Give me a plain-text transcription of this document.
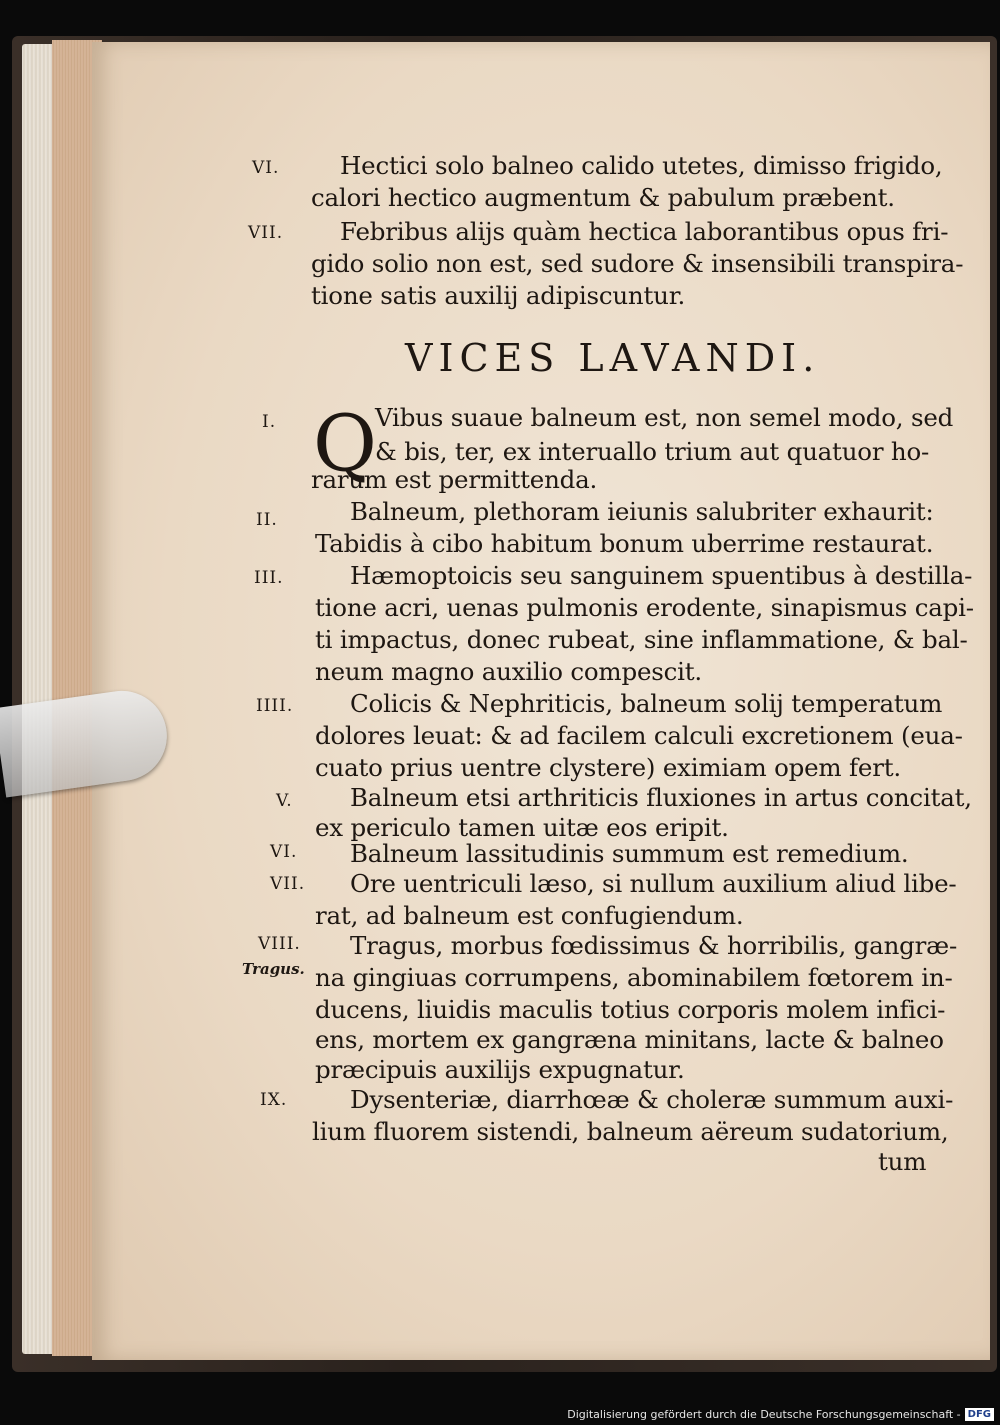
VI. Hectici solo balneo calido utetes, dimisso frigido,
calori hectico augmentum & pabulum præbent.
VII. Febribus alijs quàm hectica laborantibus opus fri-
gido solio non est, sed sudore & insensibili transpira-
tione satis auxilij adipiscuntur.
VICES LAVANDI.
I. Q
Vibus suaue balneum est, non semel modo, sed
& bis, ter, ex interuallo trium aut quatuor ho-
rarum est permittenda.
II.	Balneum, plethoram ieiunis salubriter exhaurit:
Tabidis à cibo habitum bonum uberrime restaurat.
III.	Hæmoptoicis seu sanguinem spuentibus à destilla-
tione acri, uenas pulmonis erodente, sinapismus capi-
ti impactus, donec rubeat, sine inflammatione, & bal-
neum magno auxilio compescit.
IIII. Colicis & Nephriticis, balneum solij temperatum
dolores leuat: & ad facilem calculi excretionem (eua-
cuato prius uentre clystere) eximiam opem fert.
V. Balneum etsi arthriticis fluxiones in artus concitat,
ex periculo tamen uitæ eos eripit.
VI. Balneum lassitudinis summum est remedium.
VII. Ore uentriculi læso, si nullum auxilium aliud libe-
rat, ad balneum est confugiendum.
VIII.
Tragus.
Tragus, morbus fœdissimus & horribilis, gangræ-
na gingiuas corrumpens, abominabilem fœtorem in-
ducens, liuidis maculis totius corporis molem infici-
ens, mortem ex gangræna minitans, lacte & balneo
præcipuis auxilijs expugnatur.
IX.	Dysenteriæ, diarrhœæ & choleræ summum auxi-
lium fluorem sistendi, balneum aëreum sudatorium,
tum
Digitalisierung gefördert durch die Deutsche Forschungsgemeinschaft - DFG
